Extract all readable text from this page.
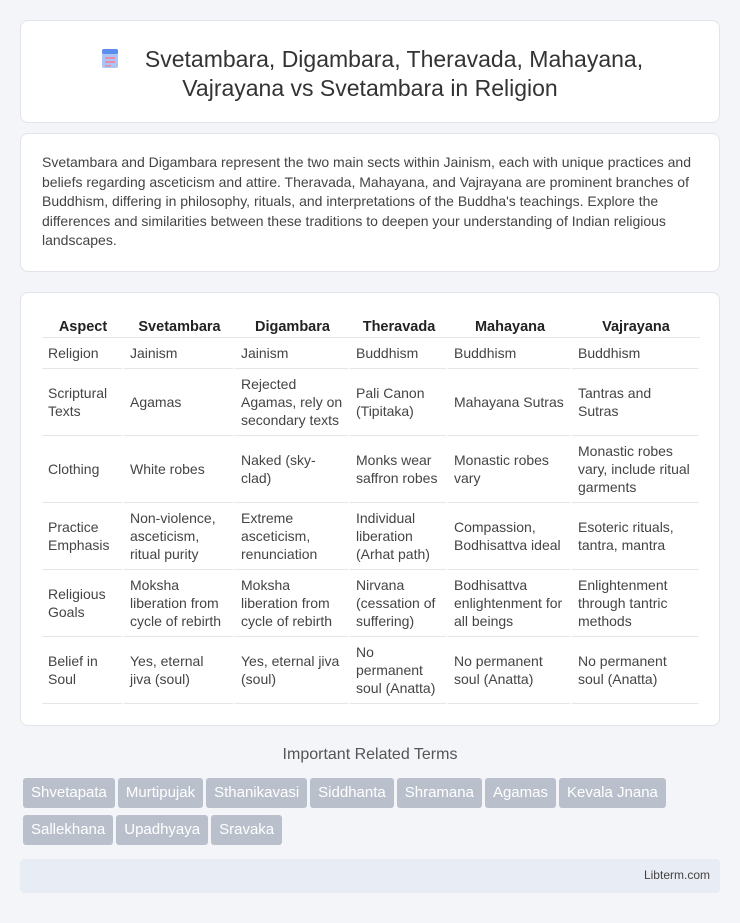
Svetambara, Digambara, Theravada, Mahayana,
Vajrayana vs Svetambara in Religion

Svetambara and Digambara represent the two main sects within Jainism, each with unique practices and beliefs regarding asceticism and attire. Theravada, Mahayana, and Vajrayana are prominent branches of Buddhism, differing in philosophy, rituals, and interpretations of the Buddha's teachings. Explore the differences and similarities between these traditions to deepen your understanding of Indian religious landscapes.

Aspect	Svetambara	Digambara	Theravada	Mahayana	Vajrayana
Religion	Jainism	Jainism	Buddhism	Buddhism	Buddhism
Scriptural Texts	Agamas	Rejected Agamas, rely on secondary texts	Pali Canon (Tipitaka)	Mahayana Sutras	Tantras and Sutras
Clothing	White robes	Naked (sky-clad)	Monks wear saffron robes	Monastic robes vary	Monastic robes vary, include ritual garments
Practice Emphasis	Non-violence, asceticism, ritual purity	Extreme asceticism, renunciation	Individual liberation (Arhat path)	Compassion, Bodhisattva ideal	Esoteric rituals, tantra, mantra
Religious Goals	Moksha liberation from cycle of rebirth	Moksha liberation from cycle of rebirth	Nirvana (cessation of suffering)	Bodhisattva enlightenment for all beings	Enlightenment through tantric methods
Belief in Soul	Yes, eternal jiva (soul)	Yes, eternal jiva (soul)	No permanent soul (Anatta)	No permanent soul (Anatta)	No permanent soul (Anatta)
Important Related Terms
Shvetapata Murtipujak Sthanikavasi Siddhanta Shramana Agamas Kevala JnanaSallekhana Upadhyaya Sravaka
Libterm.com
